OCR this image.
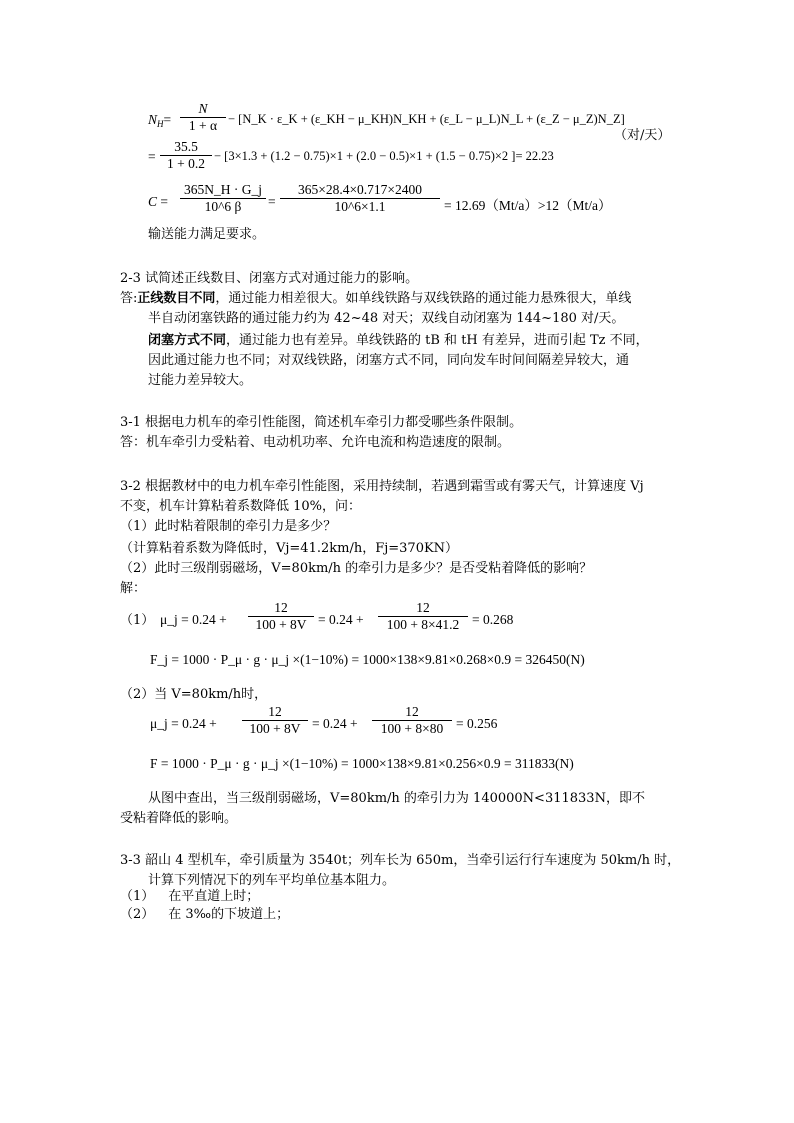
$N_H=$
N
1 + α − [N_K · ε_K + (ε_KH − μ_KH)N_KH + (ε_L − μ_L)N_L + (ε_Z − μ_Z)N_Z]
（对/天）
=
35.5
1 + 0.2 − [3×1.3 + (1.2 − 0.75)×1 + (2.0 − 0.5)×1 + (1.5 − 0.75)×2 ]= 22.23
C =
365N_H · G_j
10^6 β	=
365×28.4×0.717×2400
10^6×1.1	= 12.69（Mt/a）>12（Mt/a）
输送能力满足要求。
2-3 试简述正线数目、闭塞方式对通过能力的影响。
答:正线数目不同，通过能力相差很大。如单线铁路与双线铁路的通过能力悬殊很大，单线
半自动闭塞铁路的通过能力约为 42~48 对天；双线自动闭塞为 144~180 对/天。
闭塞方式不同，通过能力也有差异。单线铁路的 tB 和 tH 有差异，进而引起 Tz 不同，
因此通过能力也不同；对双线铁路，闭塞方式不同，同向发车时间间隔差异较大，通
过能力差异较大。
3-1 根据电力机车的牵引性能图，简述机车牵引力都受哪些条件限制。
答：机车牵引力受粘着、电动机功率、允许电流和构造速度的限制。
3-2 根据教材中的电力机车牵引性能图，采用持续制，若遇到霜雪或有雾天气，计算速度 Vj
不变，机车计算粘着系数降低 10%，问：
（1）此时粘着限制的牵引力是多少？
（计算粘着系数为降低时，Vj=41.2km/h，Fj=370KN）
（2）此时三级削弱磁场，V=80km/h 的牵引力是多少？是否受粘着降低的影响？
解：
（1） μ_j = 0.24 +
12
100 + 8V = 0.24 +
12
100 + 8×41.2 = 0.268
F_j = 1000 · P_μ · g · μ_j ×(1−10%) = 1000×138×9.81×0.268×0.9 = 326450(N)
（2）当 V=80km/h时，
μ_j = 0.24 +
12
100 + 8V = 0.24 +
12
100 + 8×80 = 0.256
F = 1000 · P_μ · g · μ_j ×(1−10%) = 1000×138×9.81×0.256×0.9 = 311833(N)
从图中查出，当三级削弱磁场，V=80km/h 的牵引力为 140000N<311833N，即不
受粘着降低的影响。
3-3 韶山 4 型机车，牵引质量为 3540t；列车长为 650m，当牵引运行行车速度为 50km/h 时，
计算下列情况下的列车平均单位基本阻力。
（1） 在平直道上时；
（2） 在 3‰的下坡道上；
